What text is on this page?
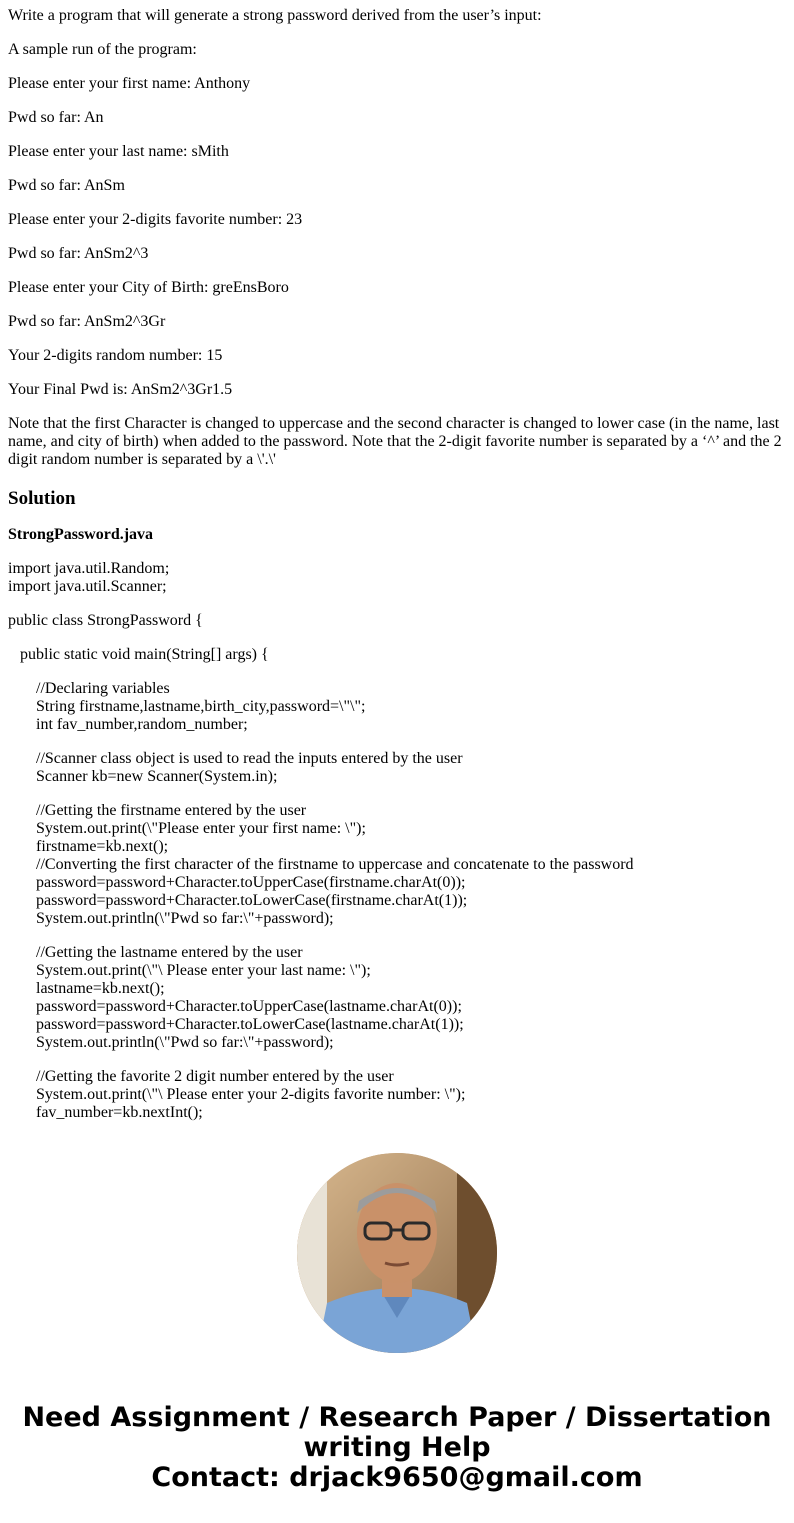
Write a program that will generate a strong password derived from the user’s input:

A sample run of the program:

Please enter your first name: Anthony

Pwd so far: An

Please enter your last name: sMith

Pwd so far: AnSm

Please enter your 2-digits favorite number: 23

Pwd so far: AnSm2^3

Please enter your City of Birth: greEnsBoro

Pwd so far: AnSm2^3Gr

Your 2-digits random number: 15

Your Final Pwd is: AnSm2^3Gr1.5

Note that the first Character is changed to uppercase and the second character is changed to lower case (in the name, last name, and city of birth) when added to the password. Note that the 2-digit favorite number is separated by a ‘^’ and the 2 digit random number is separated by a \'.\'

Solution

StrongPassword.java

import java.util.Random;
import java.util.Scanner;
public class StrongPassword {
public static void main(String[] args) {
//Declaring variables
String firstname,lastname,birth_city,password=\"\";
int fav_number,random_number;
//Scanner class object is used to read the inputs entered by the user
Scanner kb=new Scanner(System.in);
//Getting the firstname entered by the user
System.out.print(\"Please enter your first name: \");
firstname=kb.next();
//Converting the first character of the firstname to uppercase and concatenate to the password
password=password+Character.toUpperCase(firstname.charAt(0));
password=password+Character.toLowerCase(firstname.charAt(1));
System.out.println(\"Pwd so far:\"+password);
//Getting the lastname entered by the user
System.out.print(\"\ Please enter your last name: \");
lastname=kb.next();
password=password+Character.toUpperCase(lastname.charAt(0));
password=password+Character.toLowerCase(lastname.charAt(1));
System.out.println(\"Pwd so far:\"+password);
//Getting the favorite 2 digit number entered by the user
System.out.print(\"\ Please enter your 2-digits favorite number: \");
fav_number=kb.nextInt();
Need Assignment / Research Paper / Dissertation
writing Help
Contact: drjack9650@gmail.com
